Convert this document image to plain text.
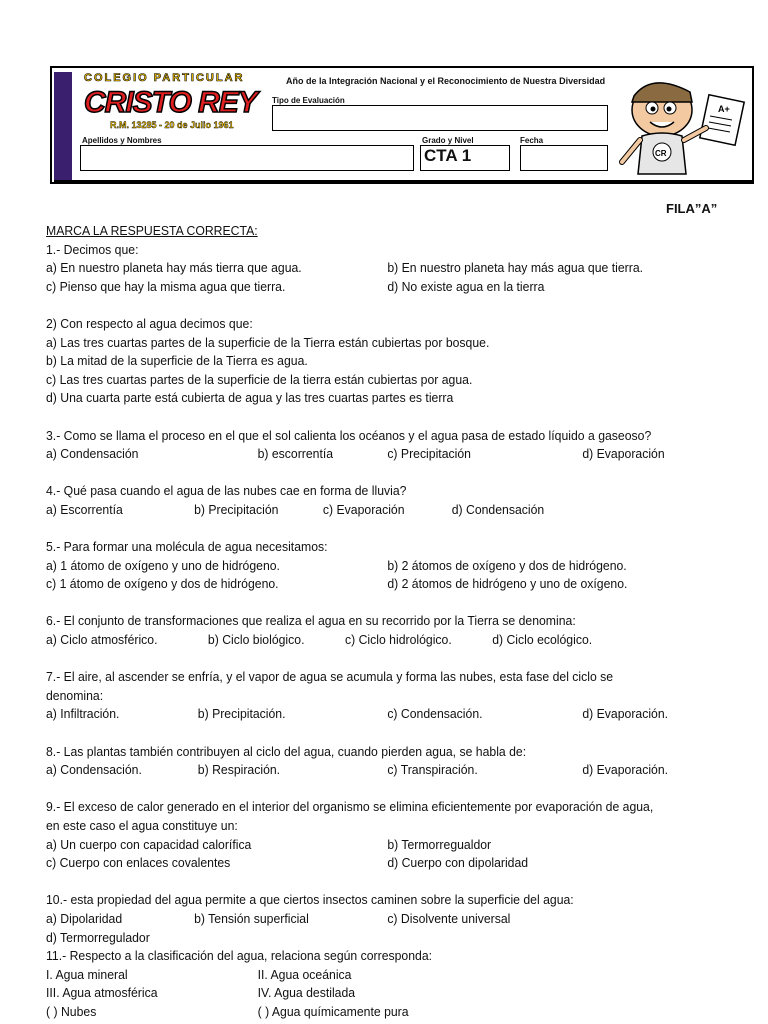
COLEGIO PARTICULAR
CRISTO REY
R.M. 13285 - 20 de Julio 1961
Año de la Integración Nacional y el Reconocimiento de Nuestra Diversidad
Tipo de Evaluación
Apellidos y Nombres	Grado y Nivel
CTA 1
Fecha
A+
CR
FILA”A”
MARCA LA RESPUESTA CORRECTA:
1.- Decimos que:
a) En nuestro planeta hay más tierra que agua.	b) En nuestro planeta hay más agua que tierra.
c) Pienso que hay la misma agua que tierra.	d) No existe agua en la tierra
2) Con respecto al agua decimos que:
a) Las tres cuartas partes de la superficie de la Tierra están cubiertas por bosque.
b) La mitad de la superficie de la Tierra es agua.
c) Las tres cuartas partes de la superficie de la tierra están cubiertas por agua.
d) Una cuarta parte está cubierta de agua y las tres cuartas partes es tierra
3.- Como se llama el proceso en el que el sol calienta los océanos y el agua pasa de estado líquido a gaseoso?
a) Condensación	b) escorrentía	c) Precipitación	d) Evaporación
4.- Qué pasa cuando el agua de las nubes cae en forma de lluvia?
a) Escorrentía	b) Precipitación	c) Evaporación	d) Condensación
5.- Para formar una molécula de agua necesitamos:
a) 1 átomo de oxígeno y uno de hidrógeno.	b) 2 átomos de oxígeno y dos de hidrógeno.
c) 1 átomo de oxígeno y dos de hidrógeno.	d) 2 átomos de hidrógeno y uno de oxígeno.
6.- El conjunto de transformaciones que realiza el agua en su recorrido por la Tierra se denomina:
a) Ciclo atmosférico.	b) Ciclo biológico.	c) Ciclo hidrológico.	d) Ciclo ecológico.
7.- El aire, al ascender se enfría, y el vapor de agua se acumula y forma las nubes, esta fase del ciclo se
denomina:
a) Infiltración.	b) Precipitación.	c) Condensación.	d) Evaporación.
8.- Las plantas también contribuyen al ciclo del agua, cuando pierden agua, se habla de:
a) Condensación.	b) Respiración.	c) Transpiración.	d) Evaporación.
9.- El exceso de calor generado en el interior del organismo se elimina eficientemente por evaporación de agua,
en este caso el agua constituye un:
a) Un cuerpo con capacidad calorífica	b) Termorregualdor
c) Cuerpo con enlaces covalentes	d) Cuerpo con dipolaridad
10.- esta propiedad del agua permite a que ciertos insectos caminen sobre la superficie del agua:
a) Dipolaridad	b) Tensión superficial	c) Disolvente universal
d) Termorregulador
11.- Respecto a la clasificación del agua, relaciona según corresponda:
I. Agua mineral	II. Agua oceánica
III. Agua atmosférica	IV. Agua destilada
( ) Nubes	( ) Agua químicamente pura
